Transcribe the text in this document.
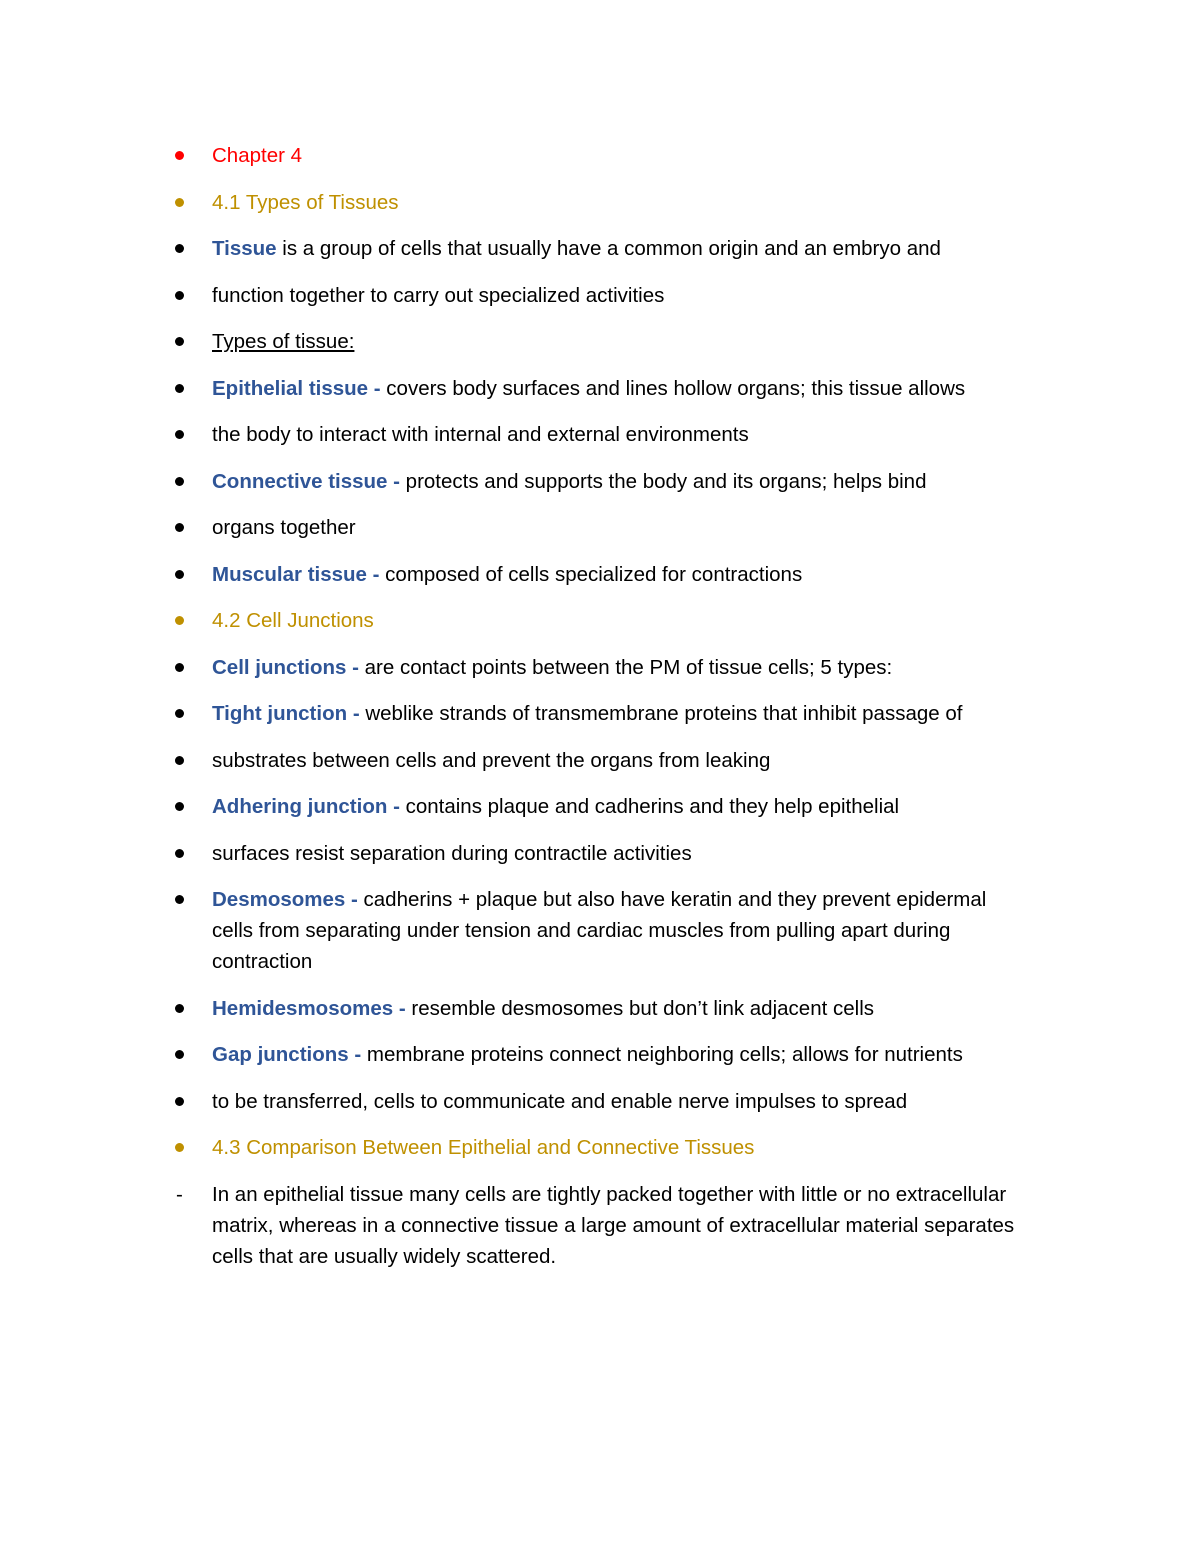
Chapter 4
4.1 Types of Tissues
Tissue is a group of cells that usually have a common origin and an embryo and
function together to carry out specialized activities
Types of tissue:
Epithelial tissue - covers body surfaces and lines hollow organs; this tissue allows
the body to interact with internal and external environments
Connective tissue - protects and supports the body and its organs; helps bind
organs together
Muscular tissue - composed of cells specialized for contractions
4.2 Cell Junctions
Cell junctions - are contact points between the PM of tissue cells; 5 types:
Tight junction - weblike strands of transmembrane proteins that inhibit passage of
substrates between cells and prevent the organs from leaking
Adhering junction - contains plaque and cadherins and they help epithelial
surfaces resist separation during contractile activities
Desmosomes - cadherins + plaque but also have keratin and they prevent epidermal cells from separating under tension and cardiac muscles from pulling apart during contraction
Hemidesmosomes - resemble desmosomes but don’t link adjacent cells
Gap junctions - membrane proteins connect neighboring cells; allows for nutrients
to be transferred, cells to communicate and enable nerve impulses to spread
4.3 Comparison Between Epithelial and Connective Tissues
- In an epithelial tissue many cells are tightly packed together with little or no extracellular matrix, whereas in a connective tissue a large amount of extracellular material separates cells that are usually widely scattered.
